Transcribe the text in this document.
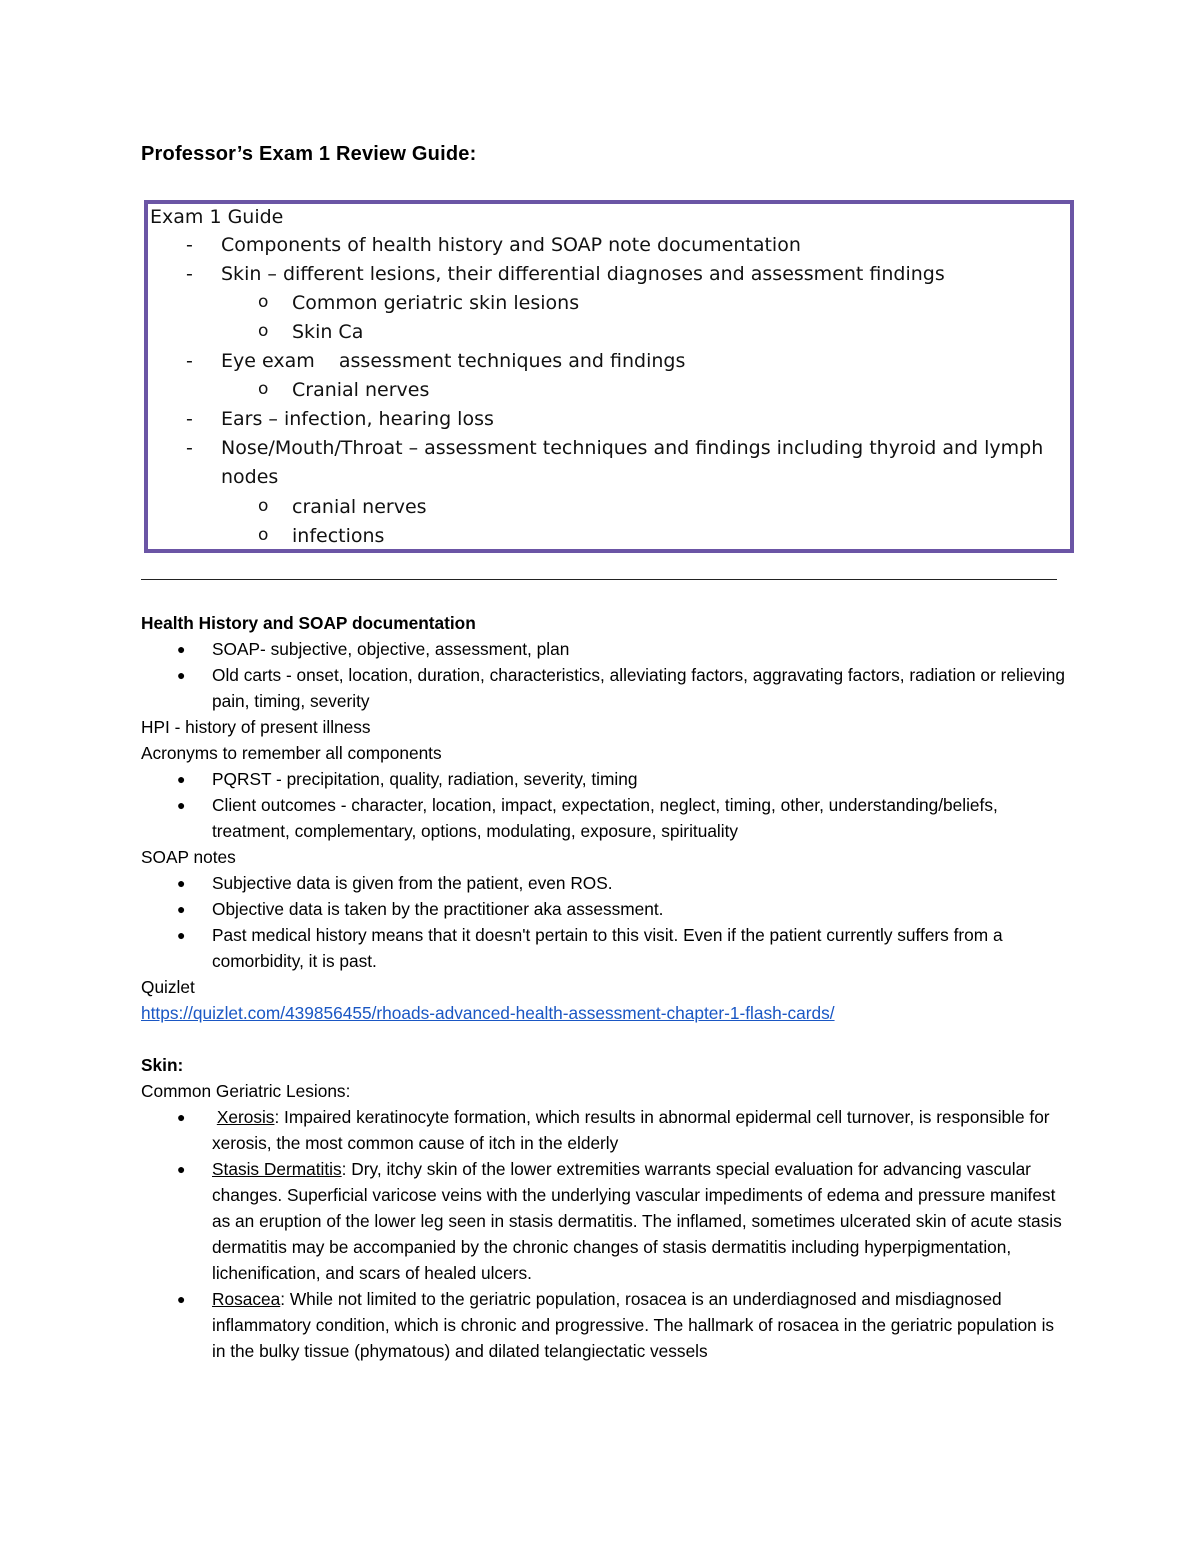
Professor’s Exam 1 Review Guide:
Exam 1 Guide
- Components of health history and SOAP note documentation
- Skin – different lesions, their differential diagnoses and assessment findings
o Common geriatric skin lesions
o Skin Ca
- Eye exam    assessment techniques and findings
o Cranial nerves
- Ears – infection, hearing loss
- Nose/Mouth/Throat – assessment techniques and findings including thyroid and lymph
nodes
o cranial nerves
o infections

Health History and SOAP documentation

● SOAP- subjective, objective, assessment, plan
● Old carts - onset, location, duration, characteristics, alleviating factors, aggravating factors, radiation or relieving pain, timing, severity

HPI - history of present illness

Acronyms to remember all components

● PQRST - precipitation, quality, radiation, severity, timing
● Client outcomes - character, location, impact, expectation, neglect, timing, other, understanding/beliefs, treatment, complementary, options, modulating, exposure, spirituality

SOAP notes

● Subjective data is given from the patient, even ROS.
● Objective data is taken by the practitioner aka assessment.
● Past medical history means that it doesn't pertain to this visit. Even if the patient currently suffers from a comorbidity, it is past.

Quizlet

https://quizlet.com/439856455/rhoads-advanced-health-assessment-chapter-1-flash-cards/

Skin:

Common Geriatric Lesions:

● Xerosis: Impaired keratinocyte formation, which results in abnormal epidermal cell turnover, is responsible for xerosis, the most common cause of itch in the elderly
● Stasis Dermatitis: Dry, itchy skin of the lower extremities warrants special evaluation for advancing vascular changes. Superficial varicose veins with the underlying vascular impediments of edema and pressure manifest as an eruption of the lower leg seen in stasis dermatitis. The inflamed, sometimes ulcerated skin of acute stasis dermatitis may be accompanied by the chronic changes of stasis dermatitis including hyperpigmentation, lichenification, and scars of healed ulcers.
● Rosacea: While not limited to the geriatric population, rosacea is an underdiagnosed and misdiagnosed inflammatory condition, which is chronic and progressive. The hallmark of rosacea in the geriatric population is in the bulky tissue (phymatous) and dilated telangiectatic vessels
